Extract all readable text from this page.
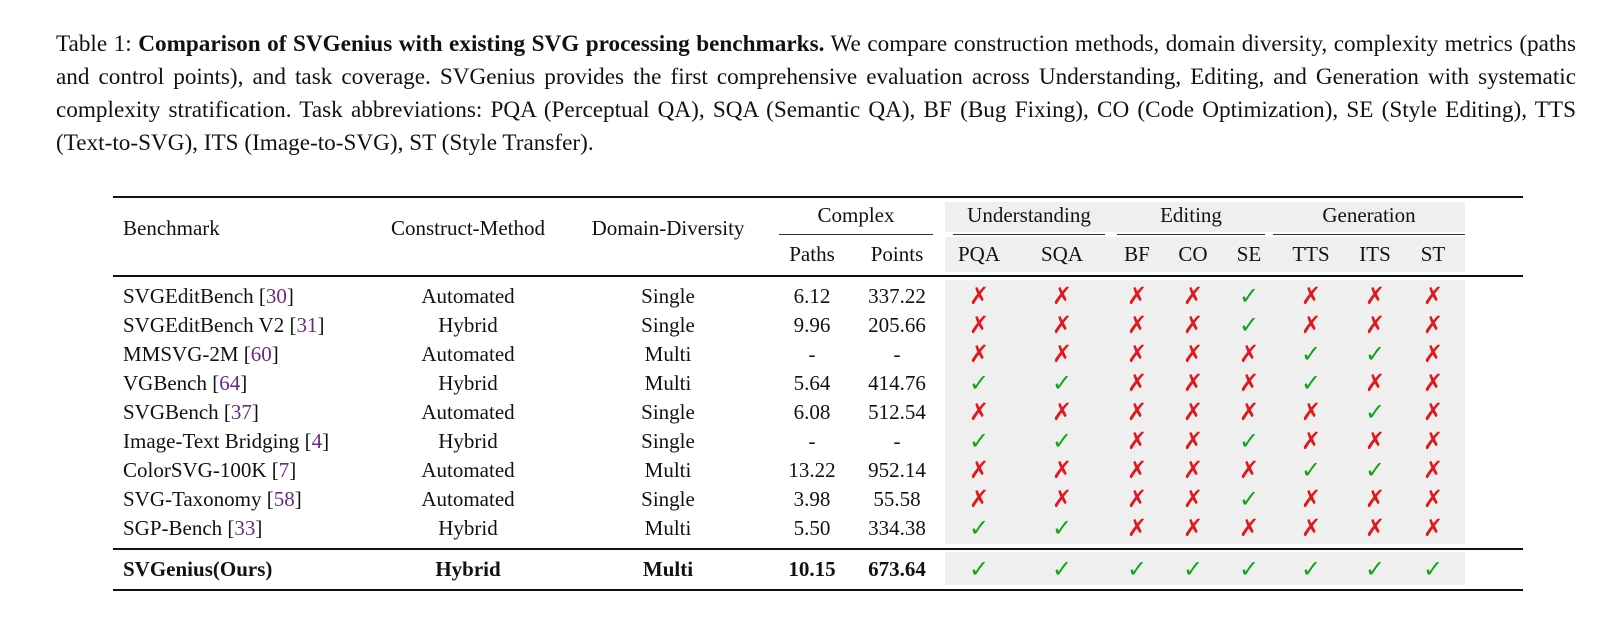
Table 1: Comparison of SVGenius with existing SVG processing benchmarks. We compare construction methods, domain diversity, complexity metrics (paths and control points), and task coverage. SVGenius provides the first comprehensive evaluation across Understanding, Editing, and Generation with systematic complexity stratification. Task abbreviations: PQA (Perceptual QA), SQA (Semantic QA), BF (Bug Fixing), CO (Code Optimization), SE (Style Editing), TTS (Text-to-SVG), ITS (Image-to-SVG), ST (Style Transfer).
Benchmark	Construct-Method	Domain-Diversity
Complex
Paths	Points
Understanding	Editing	Generation
PQA	SQA	BF	CO	SE	TTS	ITS	ST
SVGEditBench [30]	Automated	Single	6.12	337.22	✗	✗	✗	✗	✓	✗	✗	✗
SVGEditBench V2 [31]	Hybrid	Single	9.96	205.66	✗	✗	✗	✗	✓	✗	✗	✗
MMSVG-2M [60]	Automated	Multi	-	-	✗	✗	✗	✗	✗	✓	✓	✗
VGBench [64]	Hybrid	Multi	5.64	414.76	✓	✓	✗	✗	✗	✓	✗	✗
SVGBench [37]	Automated	Single	6.08	512.54	✗	✗	✗	✗	✗	✗	✓	✗
Image-Text Bridging [4]	Hybrid	Single	-	-	✓	✓	✗	✗	✓	✗	✗	✗
ColorSVG-100K [7]	Automated	Multi	13.22	952.14	✗	✗	✗	✗	✗	✓	✓	✗
SVG-Taxonomy [58]	Automated	Single	3.98	55.58	✗	✗	✗	✗	✓	✗	✗	✗
SGP-Bench [33]	Hybrid	Multi	5.50	334.38	✓	✓	✗	✗	✗	✗	✗	✗
SVGenius(Ours)	Hybrid	Multi	10.15	673.64	✓	✓	✓	✓	✓	✓	✓	✓
